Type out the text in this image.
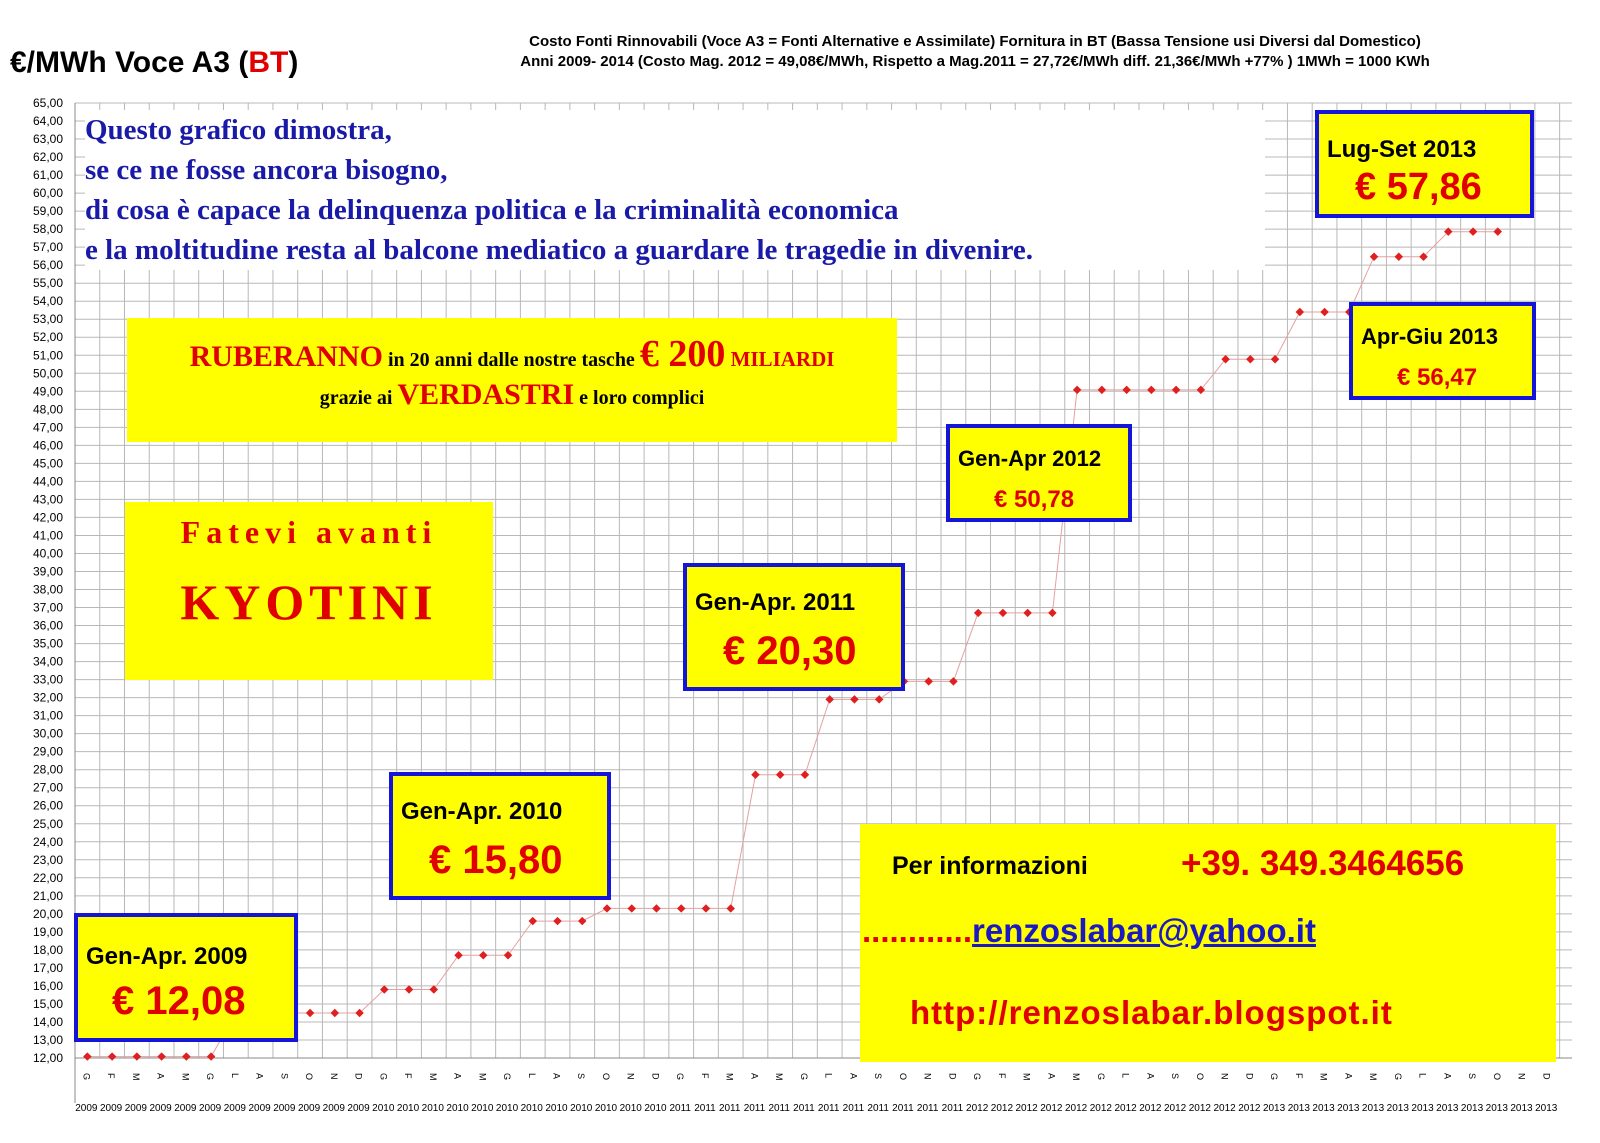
12,00
13,00
14,00
15,00
16,00
17,00
18,00
19,00
20,00
21,00
22,00
23,00
24,00
25,00
26,00
27,00
28,00
29,00
30,00
31,00
32,00
33,00
34,00
35,00
36,00
37,00
38,00
39,00
40,00
41,00
42,00
43,00
44,00
45,00
46,00
47,00
48,00
49,00
50,00
51,00
52,00
53,00
54,00
55,00
56,00
57,00
58,00
59,00
60,00
61,00
62,00
63,00
64,00
65,00
G
2009
F
2009
M
2009
A
2009
M
2009
G
2009
L
2009
A
2009
S
2009
O
2009
N
2009
D
2009
G
2010
F
2010
M
2010
A
2010
M
2010
G
2010
L
2010
A
2010
S
2010
O
2010
N
2010
D
2010
G
2011
F
2011
M
2011
A
2011
M
2011
G
2011
L
2011
A
2011
S
2011
O
2011
N
2011
D
2011
G
2012
F
2012
M
2012
A
2012
M
2012
G
2012
L
2012
A
2012
S
2012
O
2012
N
2012
D
2012
G
2013
F
2013
M
2013
A
2013
M
2013
G
2013
L
2013
A
2013
S
2013
O
2013
N
2013
D
2013
€/MWh Voce A3 (BT)
Costo Fonti Rinnovabili (Voce A3 = Fonti Alternative e Assimilate) Fornitura in BT (Bassa Tensione usi Diversi dal Domestico)
Anni 2009- 2014 (Costo Mag. 2012 = 49,08€/MWh, Rispetto a Mag.2011 = 27,72€/MWh diff. 21,36€/MWh +77% ) 1MWh = 1000 KWh
Questo grafico dimostra,
se ce ne fosse ancora bisogno,
di cosa è capace la delinquenza politica e la criminalità economica
e la moltitudine resta al balcone mediatico a guardare le tragedie in divenire.
RUBERANNO in 20 anni dalle nostre tasche € 200 MILIARDI
grazie ai VERDASTRI e loro complici
Fatevi avanti
KYOTINI
Gen-Apr. 2009
€ 12,08
Gen-Apr. 2010
€ 15,80
Gen-Apr. 2011
€ 20,30
Gen-Apr 2012
€ 50,78
Apr-Giu 2013
€ 56,47
Lug-Set 2013
€ 57,86
Per informazioni	+39. 349.3464656
............renzoslabar@yahoo.it
http://renzoslabar.blogspot.it
